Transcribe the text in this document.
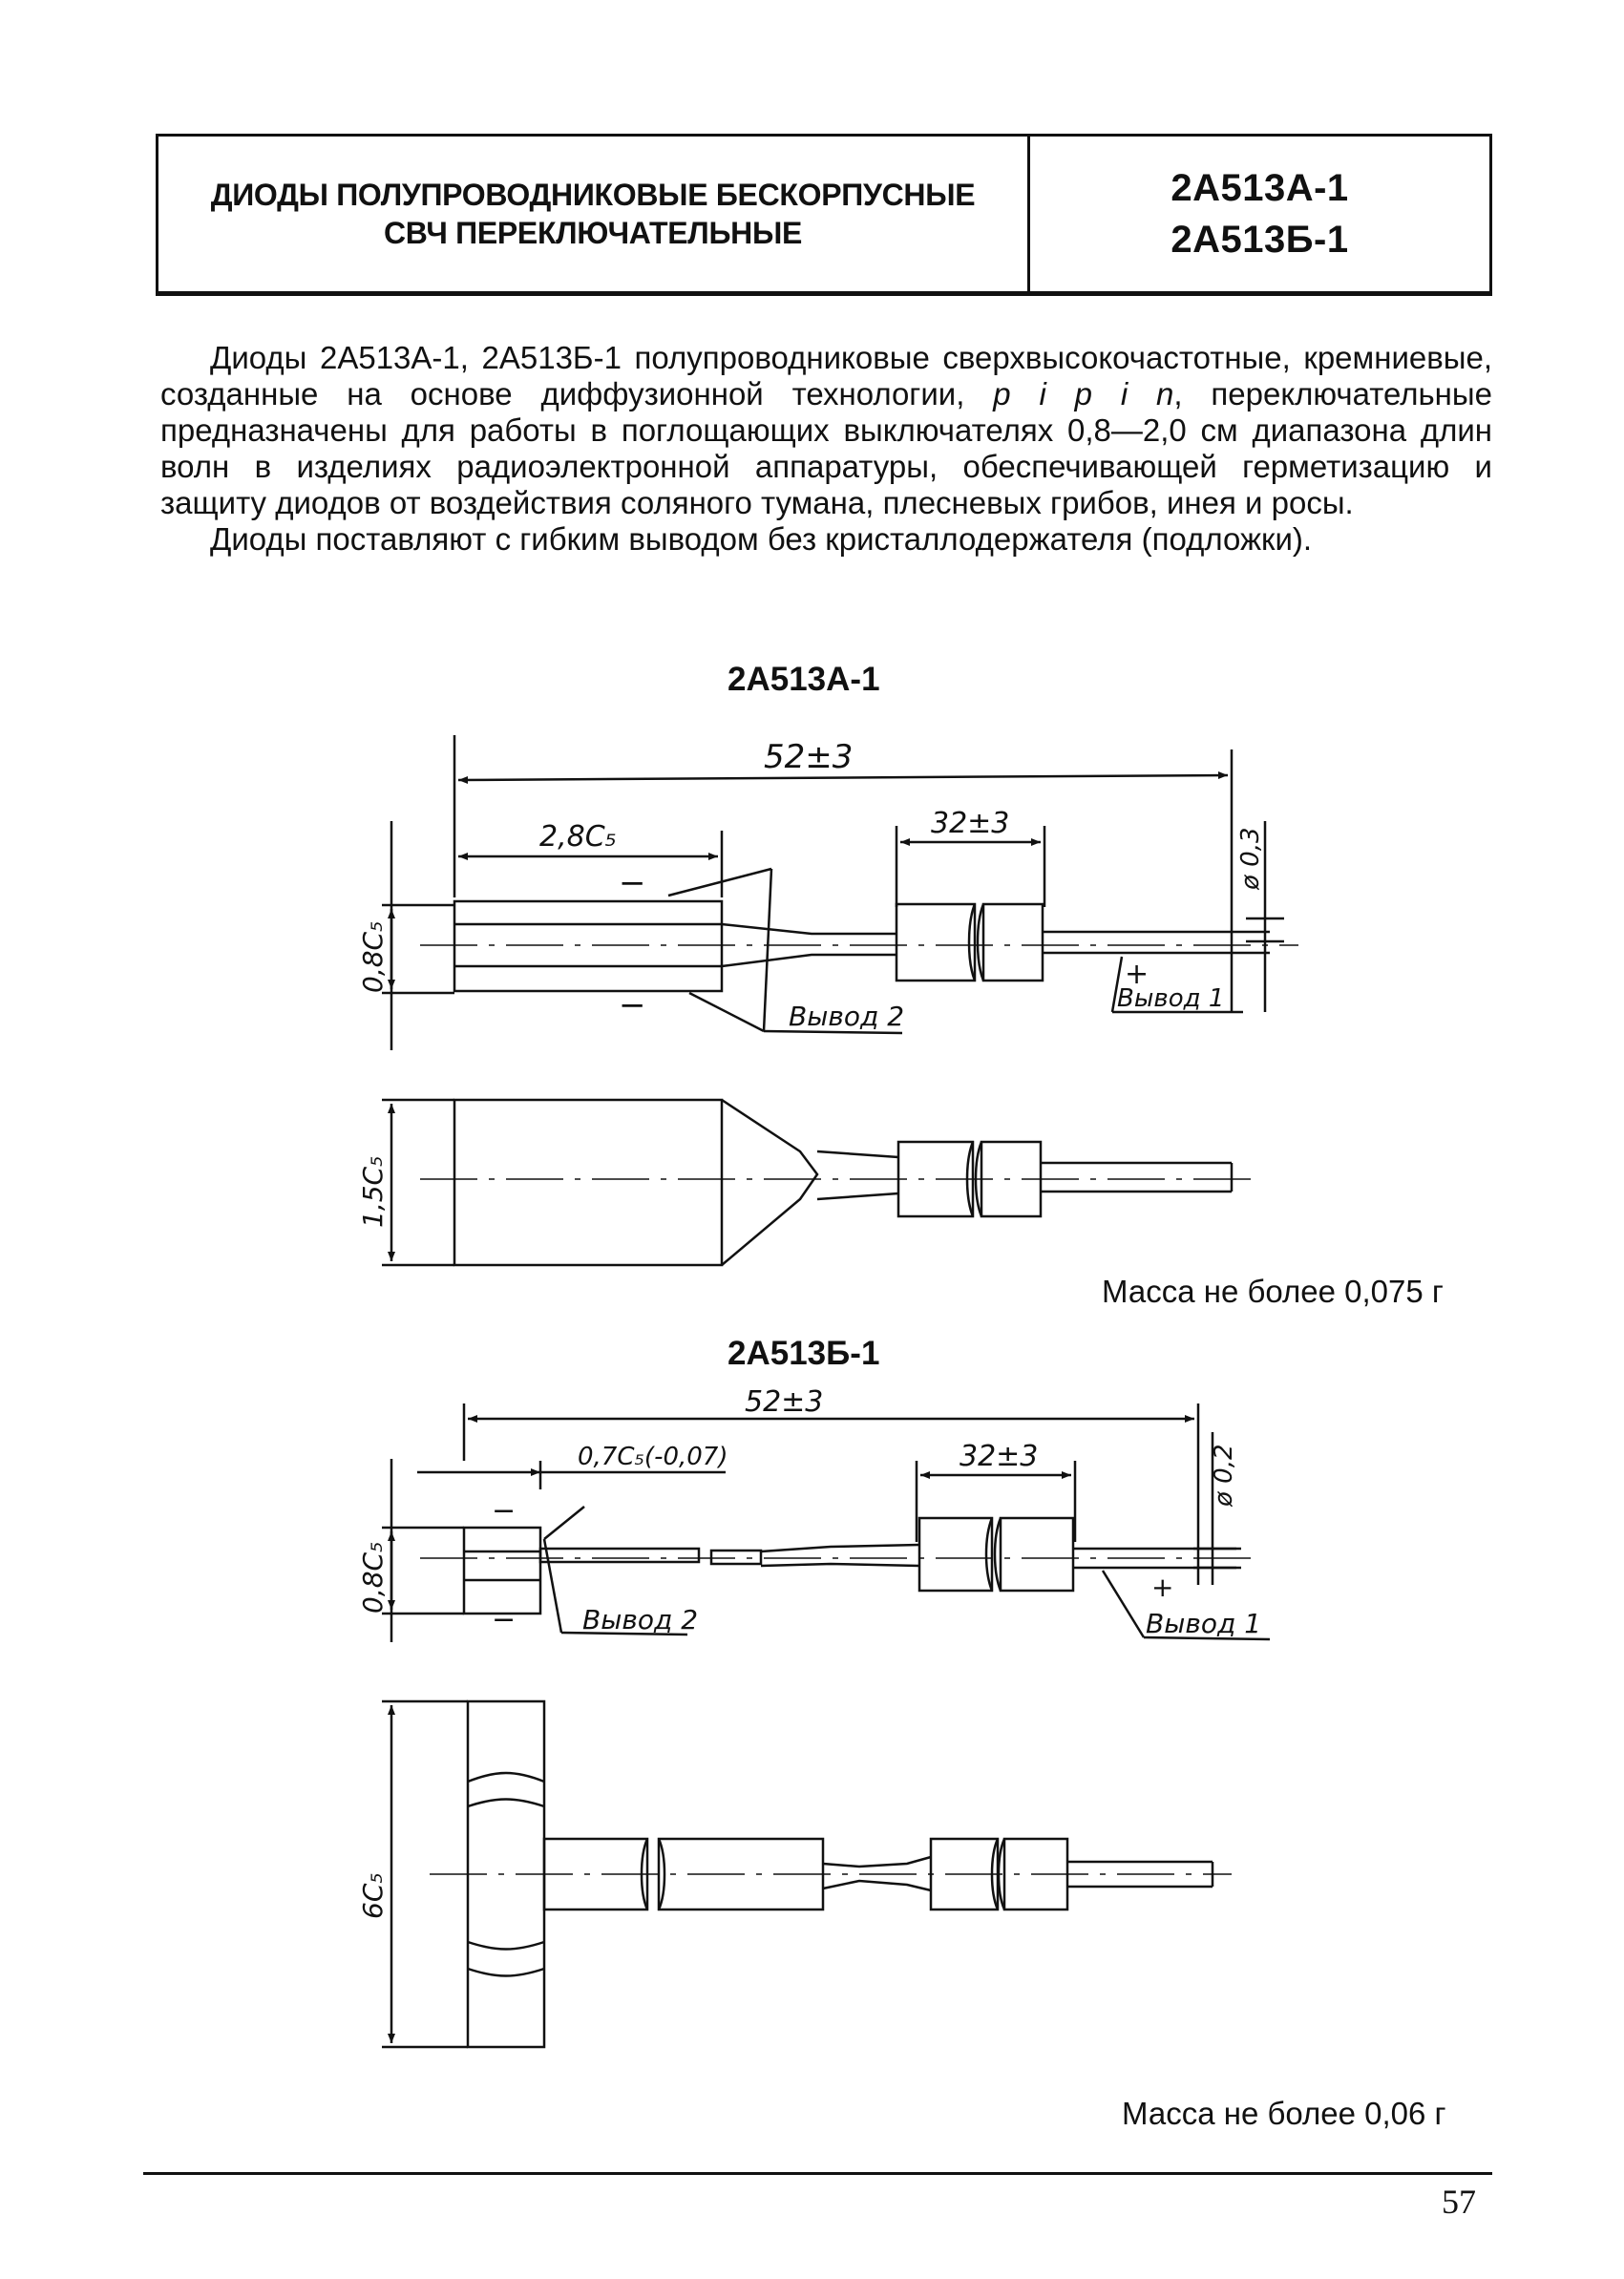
ДИОДЫ ПОЛУПРОВОДНИКОВЫЕ БЕСКОРПУСНЫЕ
СВЧ ПЕРЕКЛЮЧАТЕЛЬНЫЕ
2А513А-1
2А513Б-1

Диоды 2А513А-1, 2А513Б-1 полупроводниковые сверхвысокочастотные, кремниевые, созданные на основе диффузионной технологии, p i p i n, переключательные предназначены для работы в поглощающих выключателях 0,8—2,0 см диапазона длин волн в изделиях радиоэлектронной аппаратуры, обеспечивающей герметизацию и защиту диодов от воздействия соляного тумана, плесневых грибов, инея и росы.

Диоды поставляют с гибким выводом без кристаллодержателя (подложки).

2А513А-1
Масса не более 0,075 г
2А513Б-1
Масса не более 0,06 г
52±3
2,8C₅	32±3
ø 0,3
0,8C₅
1,5C₅
Вывод 1
Вывод 2
+
−
−
52±3
0,7C₅(-0,07)	32±3	ø 0,2
0,8C₅
6C₅
Вывод 1
Вывод 2
+
−
−
57
